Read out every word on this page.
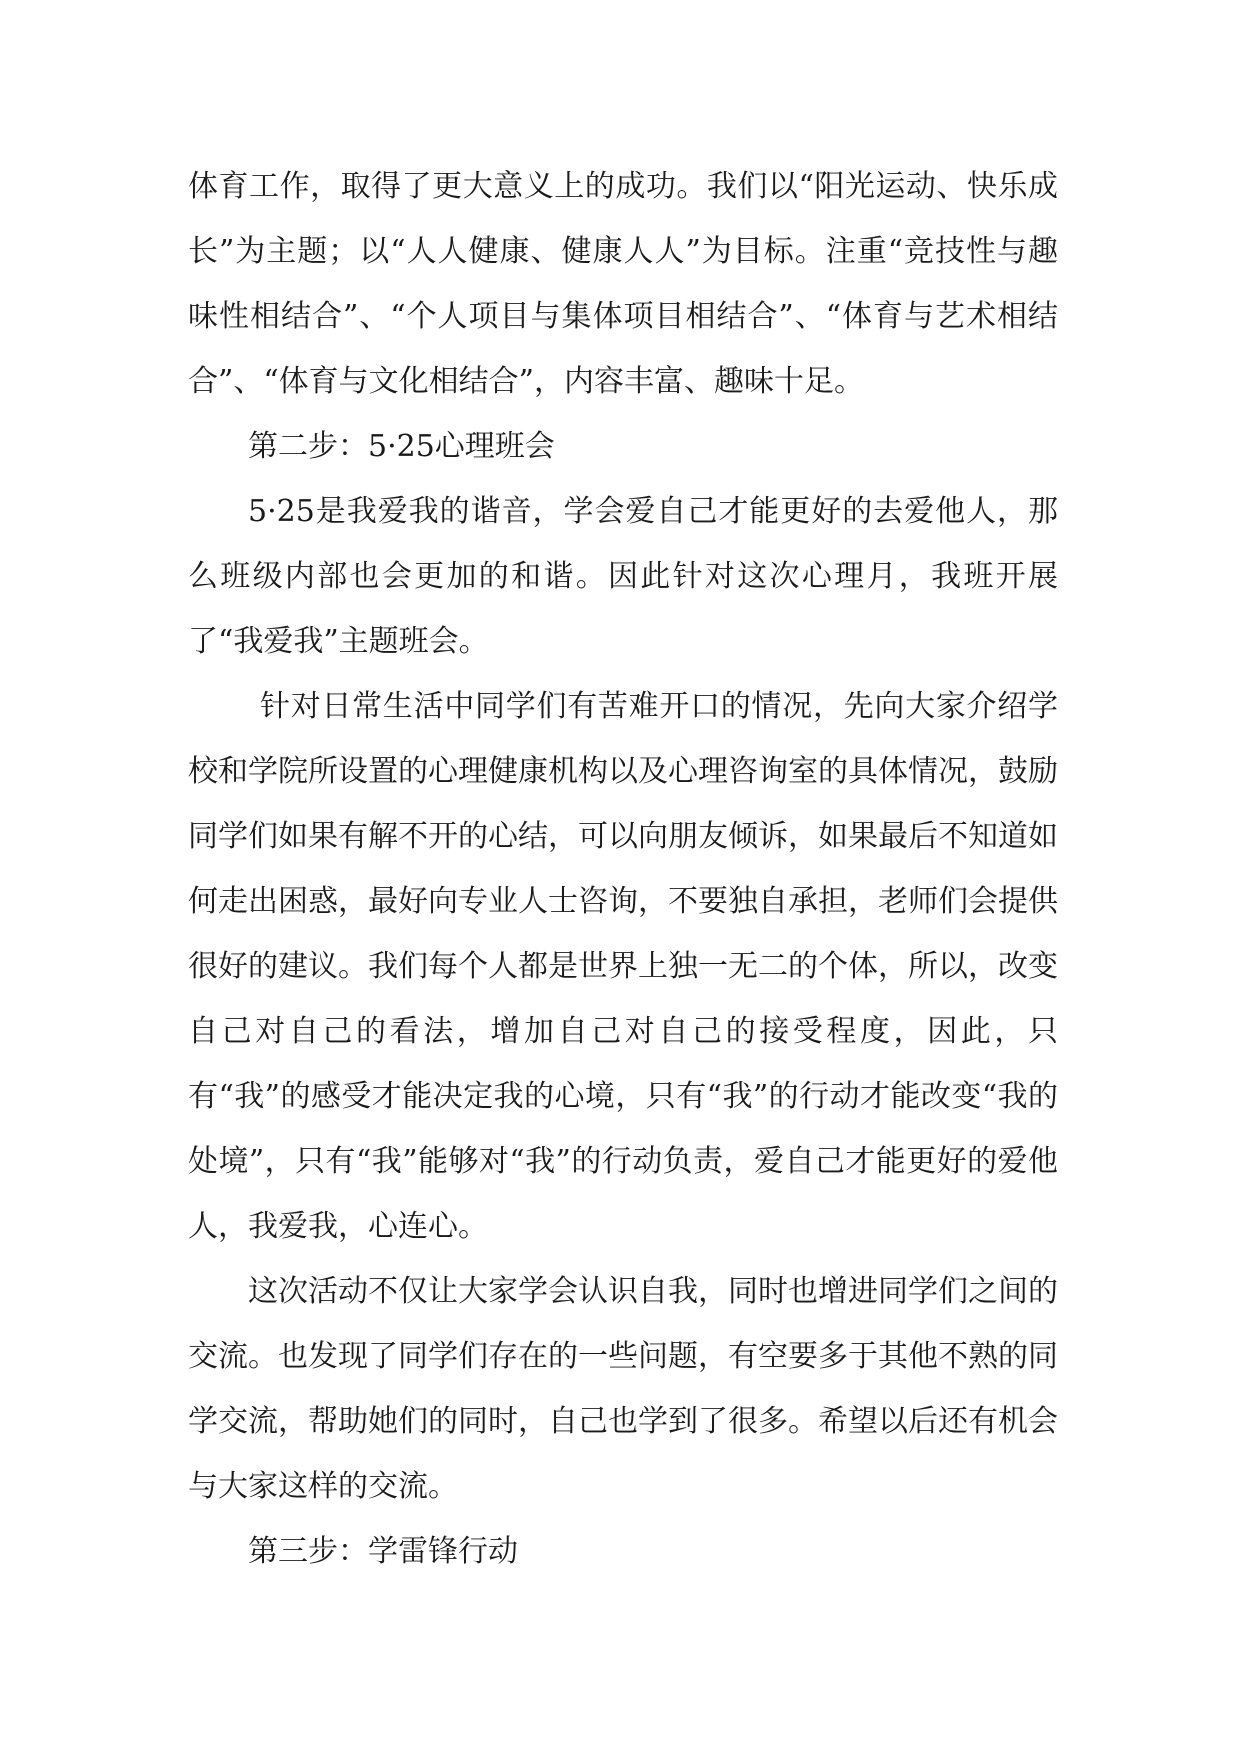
体育工作，取得了更大意义上的成功。我们以“阳光运动、快乐成长”为主题；以“人人健康、健康人人”为目标。注重“竞技性与趣味性相结合”、“个人项目与集体项目相结合”、“体育与艺术相结合”、“体育与文化相结合”，内容丰富、趣味十足。

第二步：5·25心理班会

5·25是我爱我的谐音，学会爱自己才能更好的去爱他人，那么班级内部也会更加的和谐。因此针对这次心理月，我班开展了“我爱我”主题班会。

针对日常生活中同学们有苦难开口的情况，先向大家介绍学校和学院所设置的心理健康机构以及心理咨询室的具体情况，鼓励同学们如果有解不开的心结，可以向朋友倾诉，如果最后不知道如何走出困惑，最好向专业人士咨询，不要独自承担，老师们会提供很好的建议。我们每个人都是世界上独一无二的个体，所以，改变自己对自己的看法，增加自己对自己的接受程度，因此，只有“我”的感受才能决定我的心境，只有“我”的行动才能改变“我的处境”，只有“我”能够对“我”的行动负责，爱自己才能更好的爱他人，我爱我，心连心。

这次活动不仅让大家学会认识自我，同时也增进同学们之间的交流。也发现了同学们存在的一些问题，有空要多于其他不熟的同学交流，帮助她们的同时，自己也学到了很多。希望以后还有机会与大家这样的交流。

第三步：学雷锋行动
